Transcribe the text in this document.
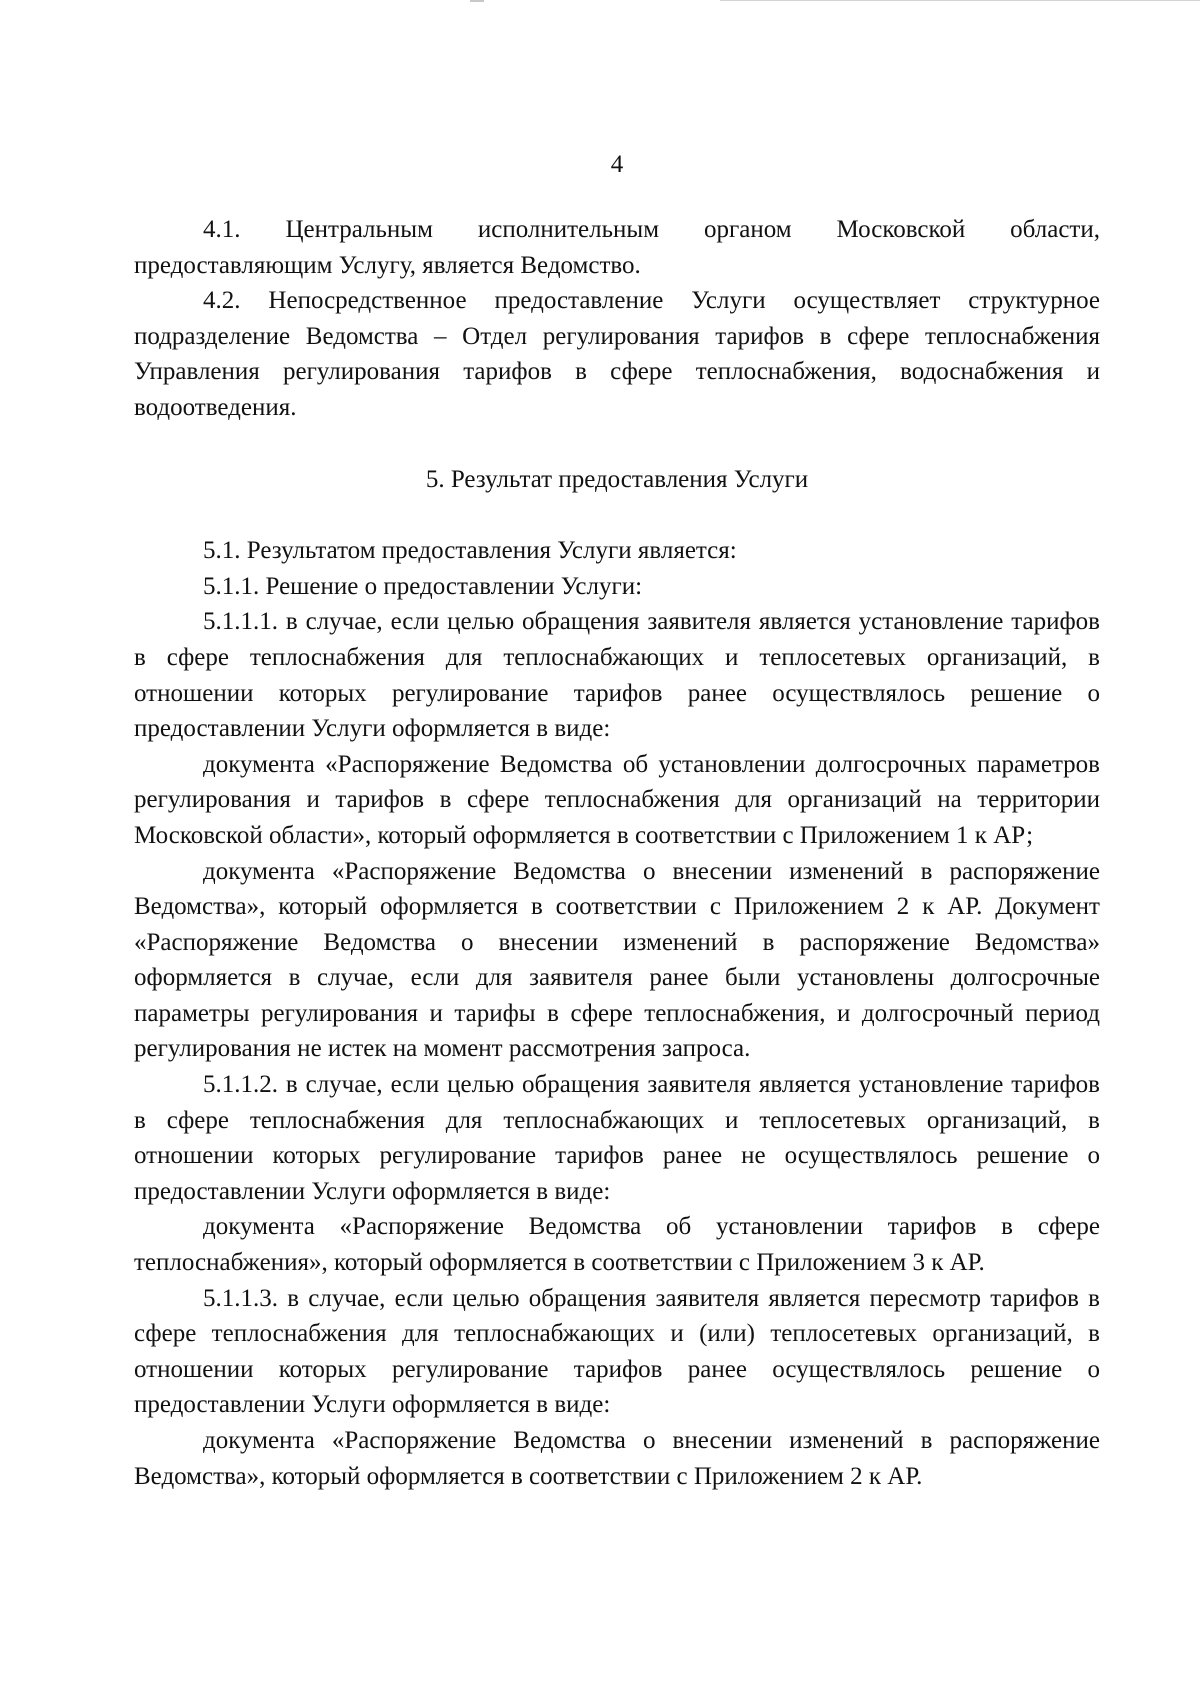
4

4.1. Центральным исполнительным органом Московской области, предоставляющим Услугу, является Ведомство.

4.2. Непосредственное предоставление Услуги осуществляет структурное подразделение Ведомства – Отдел регулирования тарифов в сфере теплоснабжения Управления регулирования тарифов в сфере теплоснабжения, водоснабжения и водоотведения.

5. Результат предоставления Услуги

5.1. Результатом предоставления Услуги является:

5.1.1. Решение о предоставлении Услуги:

5.1.1.1. в случае, если целью обращения заявителя является установление тарифов в сфере теплоснабжения для теплоснабжающих и теплосетевых организаций, в отношении которых регулирование тарифов ранее осуществлялось решение о предоставлении Услуги оформляется в виде:

документа «Распоряжение Ведомства об установлении долгосрочных параметров регулирования и тарифов в сфере теплоснабжения для организаций на территории Московской области», который оформляется в соответствии с Приложением 1 к АР;

документа «Распоряжение Ведомства о внесении изменений в распоряжение Ведомства», который оформляется в соответствии с Приложением 2 к АР. Документ «Распоряжение Ведомства о внесении изменений в распоряжение Ведомства» оформляется в случае, если для заявителя ранее были установлены долгосрочные параметры регулирования и тарифы в сфере теплоснабжения, и долгосрочный период регулирования не истек на момент рассмотрения запроса.

5.1.1.2. в случае, если целью обращения заявителя является установление тарифов в сфере теплоснабжения для теплоснабжающих и теплосетевых организаций, в отношении которых регулирование тарифов ранее не осуществлялось решение о предоставлении Услуги оформляется в виде:

документа «Распоряжение Ведомства об установлении тарифов в сфере теплоснабжения», который оформляется в соответствии с Приложением 3 к АР.

5.1.1.3. в случае, если целью обращения заявителя является пересмотр тарифов в сфере теплоснабжения для теплоснабжающих и (или) теплосетевых организаций, в отношении которых регулирование тарифов ранее осуществлялось решение о предоставлении Услуги оформляется в виде:

документа «Распоряжение Ведомства о внесении изменений в распоряжение Ведомства», который оформляется в соответствии с Приложением 2 к АР.
